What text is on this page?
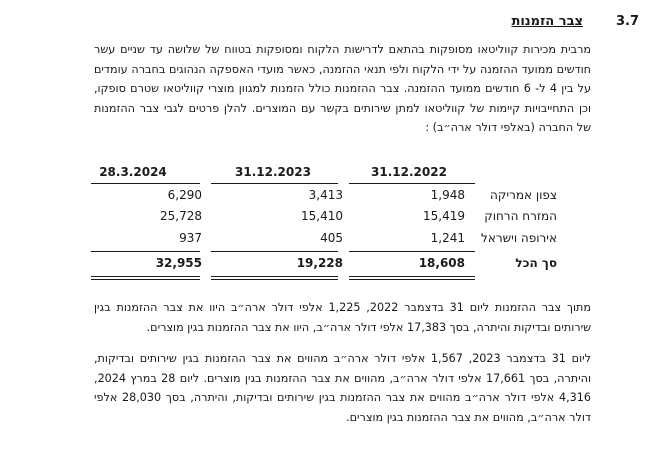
3.7
צבר הזמנות
מרבית מכירות קווליטאו מסופקות בהתאם לדרישות הלקוח ומסופקות בטווח של שלושה עד שניים עשר חודשים ממועד ההזמנה על ידי הלקוח ולפי תנאי ההזמנה, כאשר מועדי האספקה הנהוגים בחברה עומדים על בין 4 ל- 6 חודשים ממועד ההזמנה. צבר ההזמנות כולל הזמנות למגוון מוצרי קווליטאו שטרם סופקו, וכן התחייבויות קיימות של קווליטאו למתן שירותים בקשר עם המוצרים. להלן פרטים לגבי צבר ההזמנות של החברה (באלפי דולר ארה״ב) :
31.12.2022
31.12.2023
28.3.2024
צפון אמריקה
1,948
3,413
6,290
המזרח הרחוק
15,419
15,410
25,728
אירופה וישראל
1,241
405
937
סך הכל
18,608
19,228
32,955
מתוך צבר ההזמנות ליום 31 בדצמבר 2022, 1,225 אלפי דולר ארה״ב היוו את צבר ההזמנות בגין שירותים ובדיקות והיתרה, בסך 17,383 אלפי דולר ארה״ב, היוו את צבר ההזמנות בגין מוצרים.
ליום 31 בדצמבר 2023, 1,567 אלפי דולר ארה״ב מהווים את צבר ההזמנות בגין שירותים ובדיקות, והיתרה, בסך 17,661 אלפי דולר ארה״ב, מהווים את צבר ההזמנות בגין מוצרים. ליום 28 במרץ 2024, 4,316 אלפי דולר ארה״ב מהווים את צבר ההזמנות בגין שירותים ובדיקות, והיתרה, בסך 28,030 אלפי דולר ארה״ב, מהווים את צבר ההזמנות בגין מוצרים.
